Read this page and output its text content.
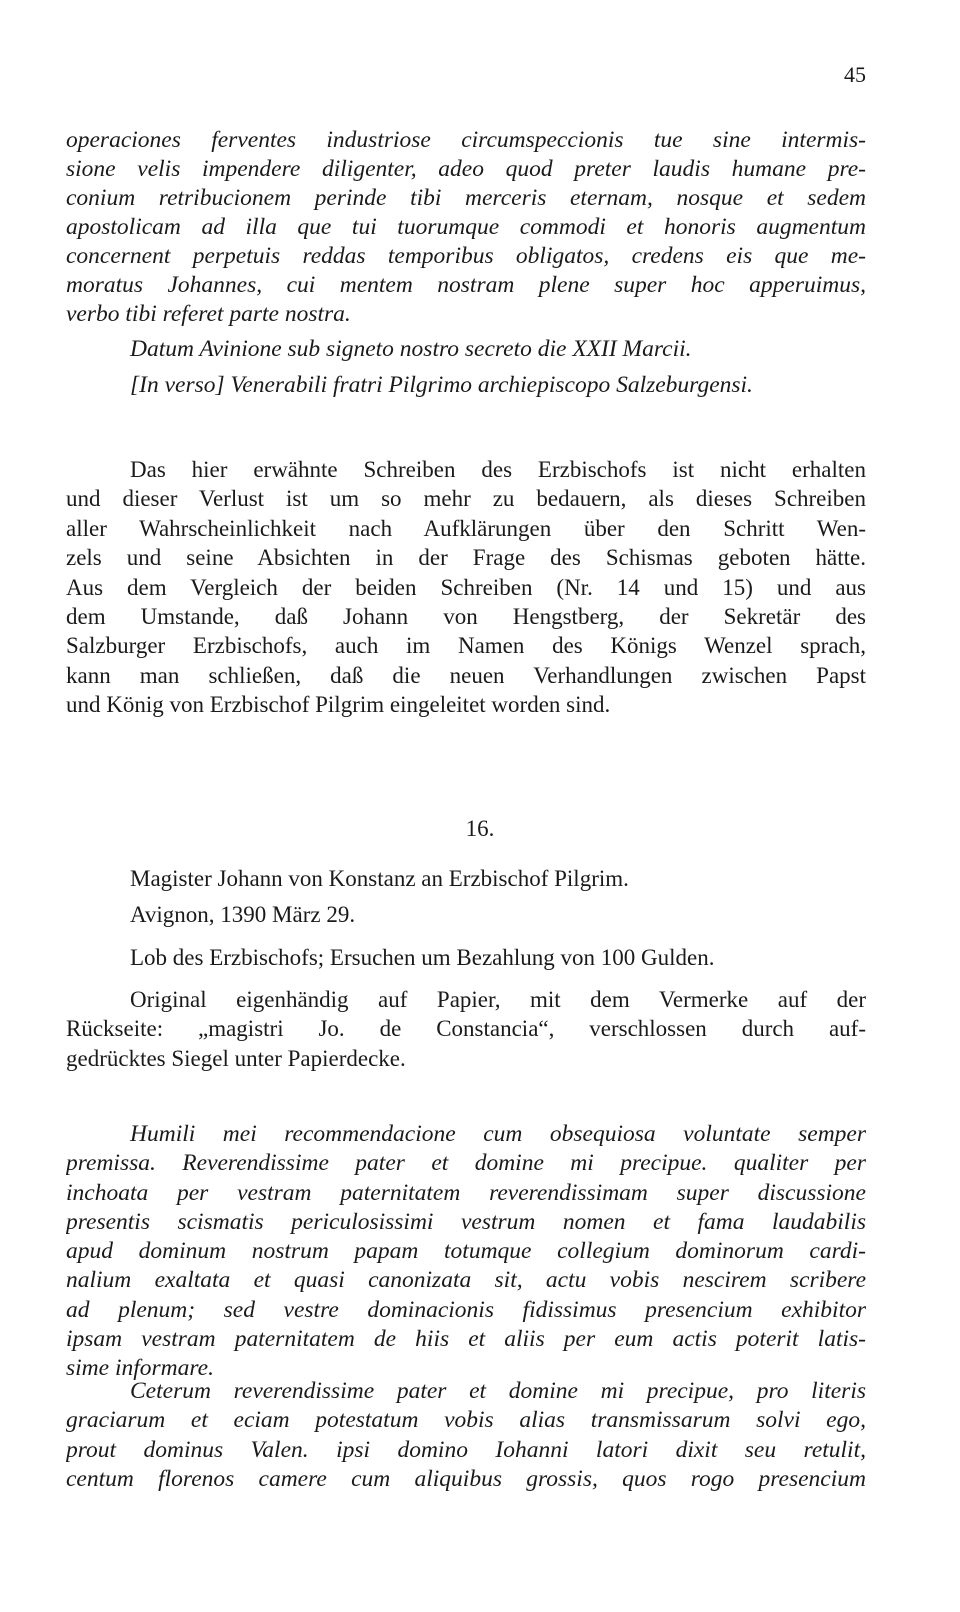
45
operaciones ferventes industriose circumspeccionis tue sine intermis-
sione velis impendere diligenter, adeo quod preter laudis humane pre-
conium retribucionem perinde tibi merceris eternam, nosque et sedem
apostolicam ad illa que tui tuorumque commodi et honoris augmentum
concernent perpetuis reddas temporibus obligatos, credens eis que me-
moratus Johannes, cui mentem nostram plene super hoc apperuimus,
verbo tibi referet parte nostra.
Datum Avinione sub signeto nostro secreto die XXII Marcii.
[In verso] Venerabili fratri Pilgrimo archiepiscopo Salzeburgensi.
Das hier erwähnte Schreiben des Erzbischofs ist nicht erhalten
und dieser Verlust ist um so mehr zu bedauern, als dieses Schreiben
aller Wahrscheinlichkeit nach Aufklärungen über den Schritt Wen-
zels und seine Absichten in der Frage des Schismas geboten hätte.
Aus dem Vergleich der beiden Schreiben (Nr. 14 und 15) und aus
dem Umstande, daß Johann von Hengstberg, der Sekretär des
Salzburger Erzbischofs, auch im Namen des Königs Wenzel sprach,
kann man schließen, daß die neuen Verhandlungen zwischen Papst
und König von Erzbischof Pilgrim eingeleitet worden sind.
16.
Magister Johann von Konstanz an Erzbischof Pilgrim.
Avignon, 1390 März 29.
Lob des Erzbischofs; Ersuchen um Bezahlung von 100 Gulden.
Original eigenhändig auf Papier, mit dem Vermerke auf der
Rückseite: „magistri Jo. de Constancia“, verschlossen durch auf-
gedrücktes Siegel unter Papierdecke.
Humili mei recommendacione cum obsequiosa voluntate semper
premissa. Reverendissime pater et domine mi precipue. qualiter per
inchoata per vestram paternitatem reverendissimam super discussione
presentis scismatis periculosissimi vestrum nomen et fama laudabilis
apud dominum nostrum papam totumque collegium dominorum cardi-
nalium exaltata et quasi canonizata sit, actu vobis nescirem scribere
ad plenum; sed vestre dominacionis fidissimus presencium exhibitor
ipsam vestram paternitatem de hiis et aliis per eum actis poterit latis-
sime informare.
Ceterum reverendissime pater et domine mi precipue, pro literis
graciarum et eciam potestatum vobis alias transmissarum solvi ego,
prout dominus Valen. ipsi domino Iohanni latori dixit seu retulit,
centum florenos camere cum aliquibus grossis, quos rogo presencium
